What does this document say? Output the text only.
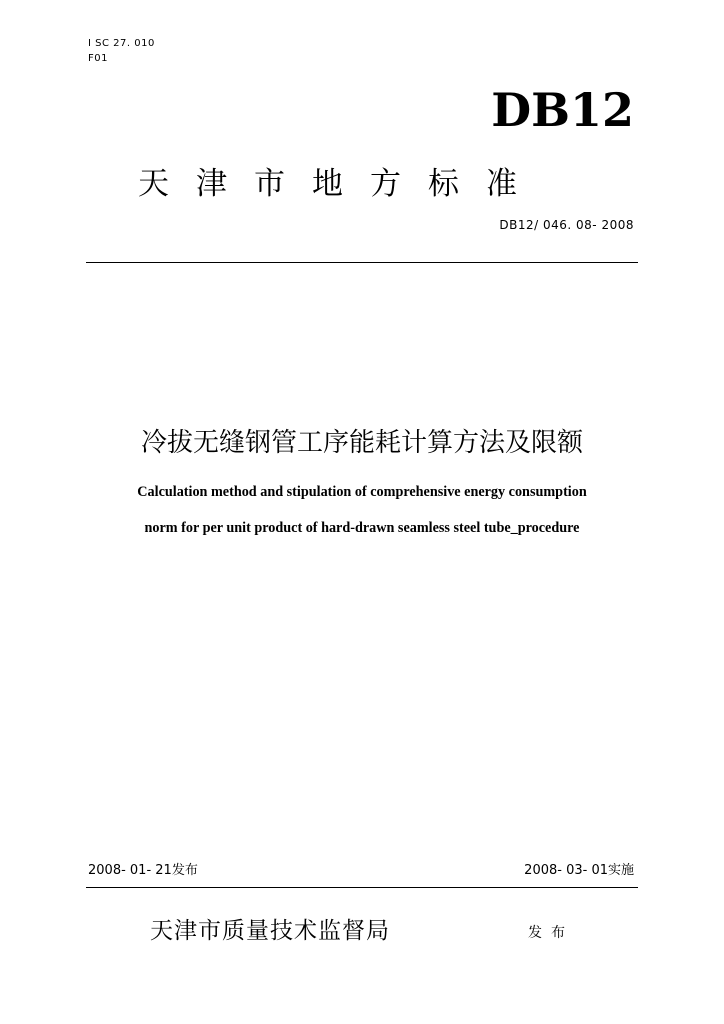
I SC 27. 010
F01
DB12
天津市地方标准
DB12/ 046. 08- 2008
冷拔无缝钢管工序能耗计算方法及限额
Calculation method and stipulation of comprehensive energy consumption
norm for per unit product of hard-drawn seamless steel tube_procedure
2008- 01- 21发布	2008- 03- 01实施
天津市质量技术监督局	发布
